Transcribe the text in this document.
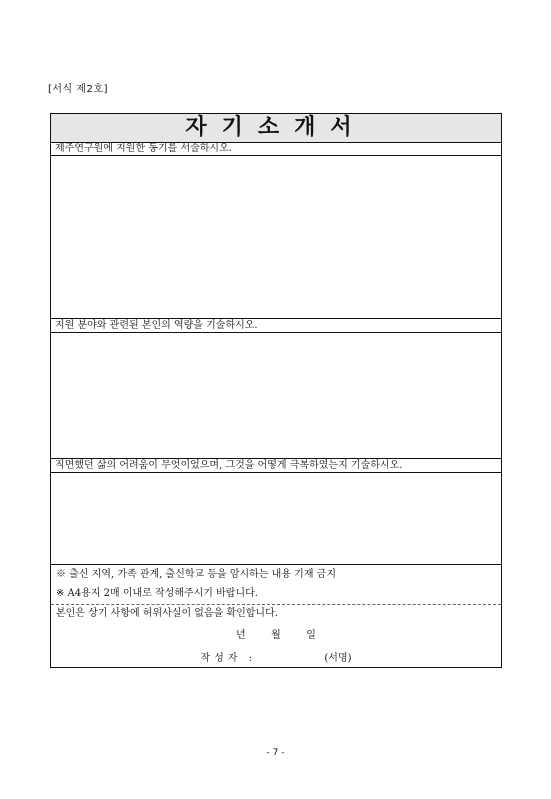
[서식 제2호]
자기소개서
제주연구원에 지원한 동기를 서술하시오.
지원 분야와 관련된 본인의 역량을 기술하시오.
직면했던 삶의 어려움이 무엇이었으며, 그것을 어떻게 극복하였는지 기술하시오.
※ 출신 지역, 가족 관계, 출신학교 등을 암시하는 내용 기재 금지
※ A4용지 2매 이내로 작성해주시기 바랍니다.
본인은 상기 사항에 허위사실이 없음을 확인합니다.
년	월	일
작성자 :	(서명)
- 7 -
